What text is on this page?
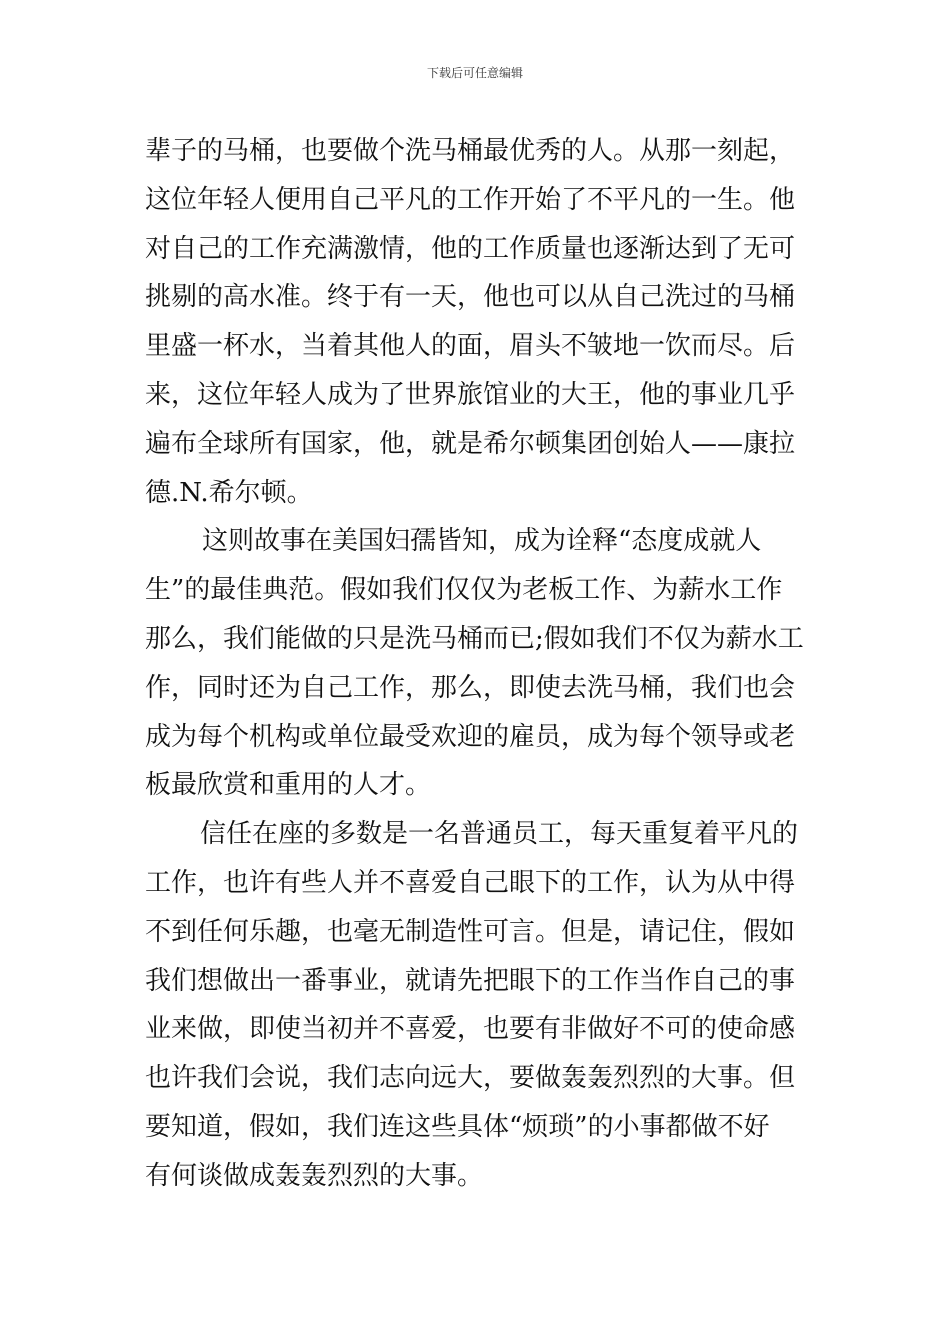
下载后可任意编辑
辈子的马桶，也要做个洗马桶最优秀的人。从那一刻起，
这位年轻人便用自己平凡的工作开始了不平凡的一生。他
对自己的工作充满激情，他的工作质量也逐渐达到了无可
挑剔的高水准。终于有一天，他也可以从自己洗过的马桶
里盛一杯水，当着其他人的面，眉头不皱地一饮而尽。后
来，这位年轻人成为了世界旅馆业的大王，他的事业几乎
遍布全球所有国家，他，就是希尔顿集团创始人——康拉
德.N.希尔顿。
这则故事在美国妇孺皆知，成为诠释“态度成就人
生”的最佳典范。假如我们仅仅为老板工作、为薪水工作
那么，我们能做的只是洗马桶而已;假如我们不仅为薪水工
作，同时还为自己工作，那么，即使去洗马桶，我们也会
成为每个机构或单位最受欢迎的雇员，成为每个领导或老
板最欣赏和重用的人才。
信任在座的多数是一名普通员工，每天重复着平凡的
工作，也许有些人并不喜爱自己眼下的工作，认为从中得
不到任何乐趣，也毫无制造性可言。但是，请记住，假如
我们想做出一番事业，就请先把眼下的工作当作自己的事
业来做，即使当初并不喜爱，也要有非做好不可的使命感
也许我们会说，我们志向远大，要做轰轰烈烈的大事。但
要知道，假如，我们连这些具体“烦琐”的小事都做不好
有何谈做成轰轰烈烈的大事。
